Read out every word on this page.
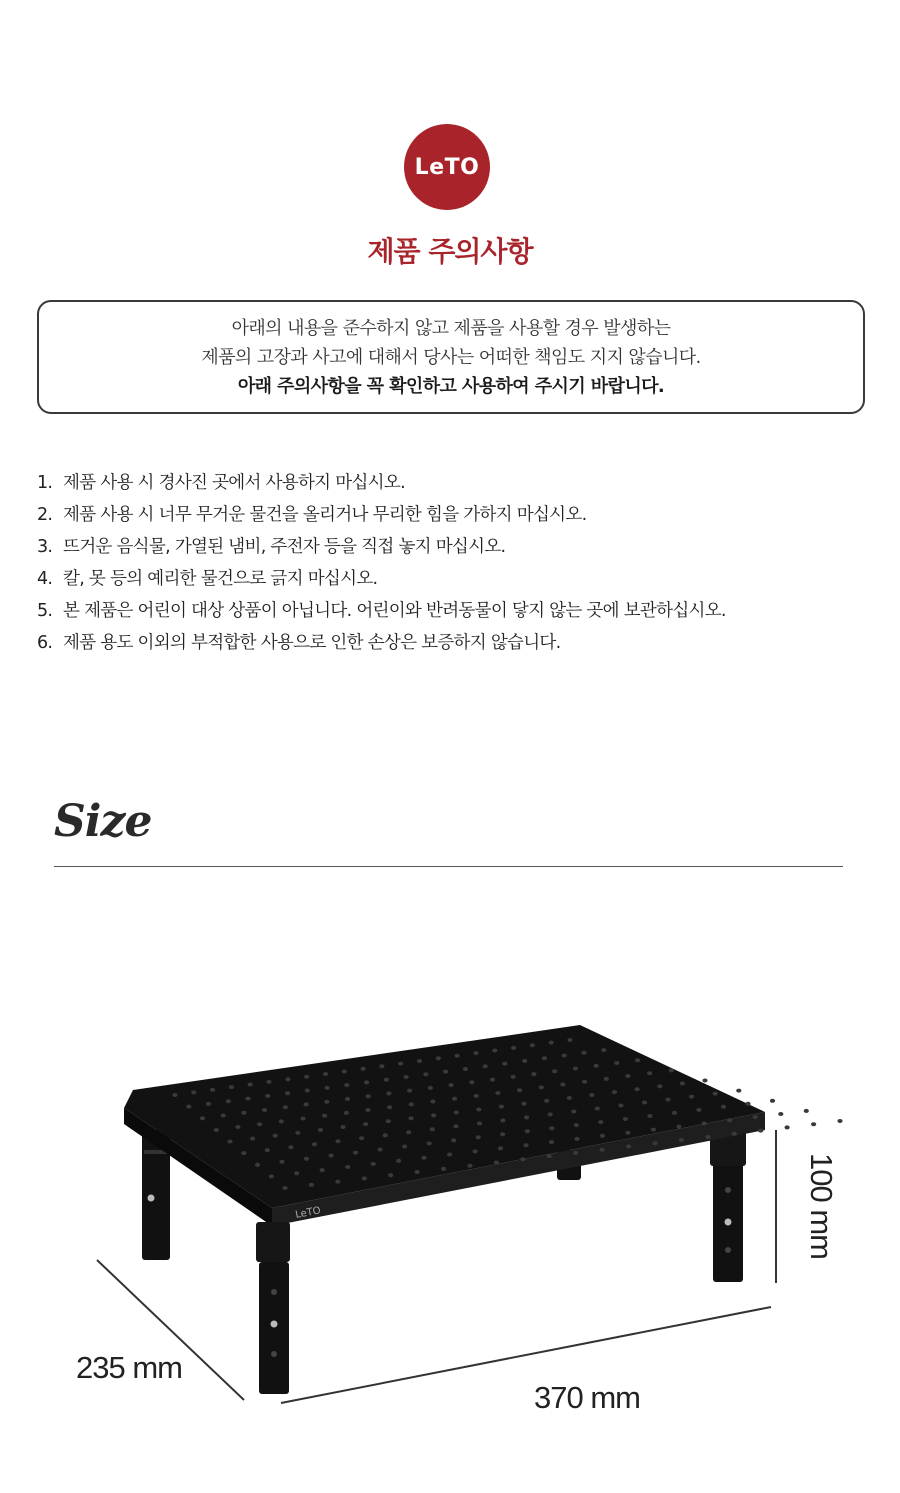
LeTO
제품 주의사항
아래의 내용을 준수하지 않고 제품을 사용할 경우 발생하는
제품의 고장과 사고에 대해서 당사는 어떠한 책임도 지지 않습니다.
아래 주의사항을 꼭 확인하고 사용하여 주시기 바랍니다.
1. 제품 사용 시 경사진 곳에서 사용하지 마십시오.
2. 제품 사용 시 너무 무거운 물건을 올리거나 무리한 힘을 가하지 마십시오.
3. 뜨거운 음식물, 가열된 냄비, 주전자 등을 직접 놓지 마십시오.
4. 칼, 못 등의 예리한 물건으로 긁지 마십시오.
5. 본 제품은 어린이 대상 상품이 아닙니다. 어린이와 반려동물이 닿지 않는 곳에 보관하십시오.
6. 제품 용도 이외의 부적합한 사용으로 인한 손상은 보증하지 않습니다.
Size
LeTO
370 mm
235 mm
100 mm
